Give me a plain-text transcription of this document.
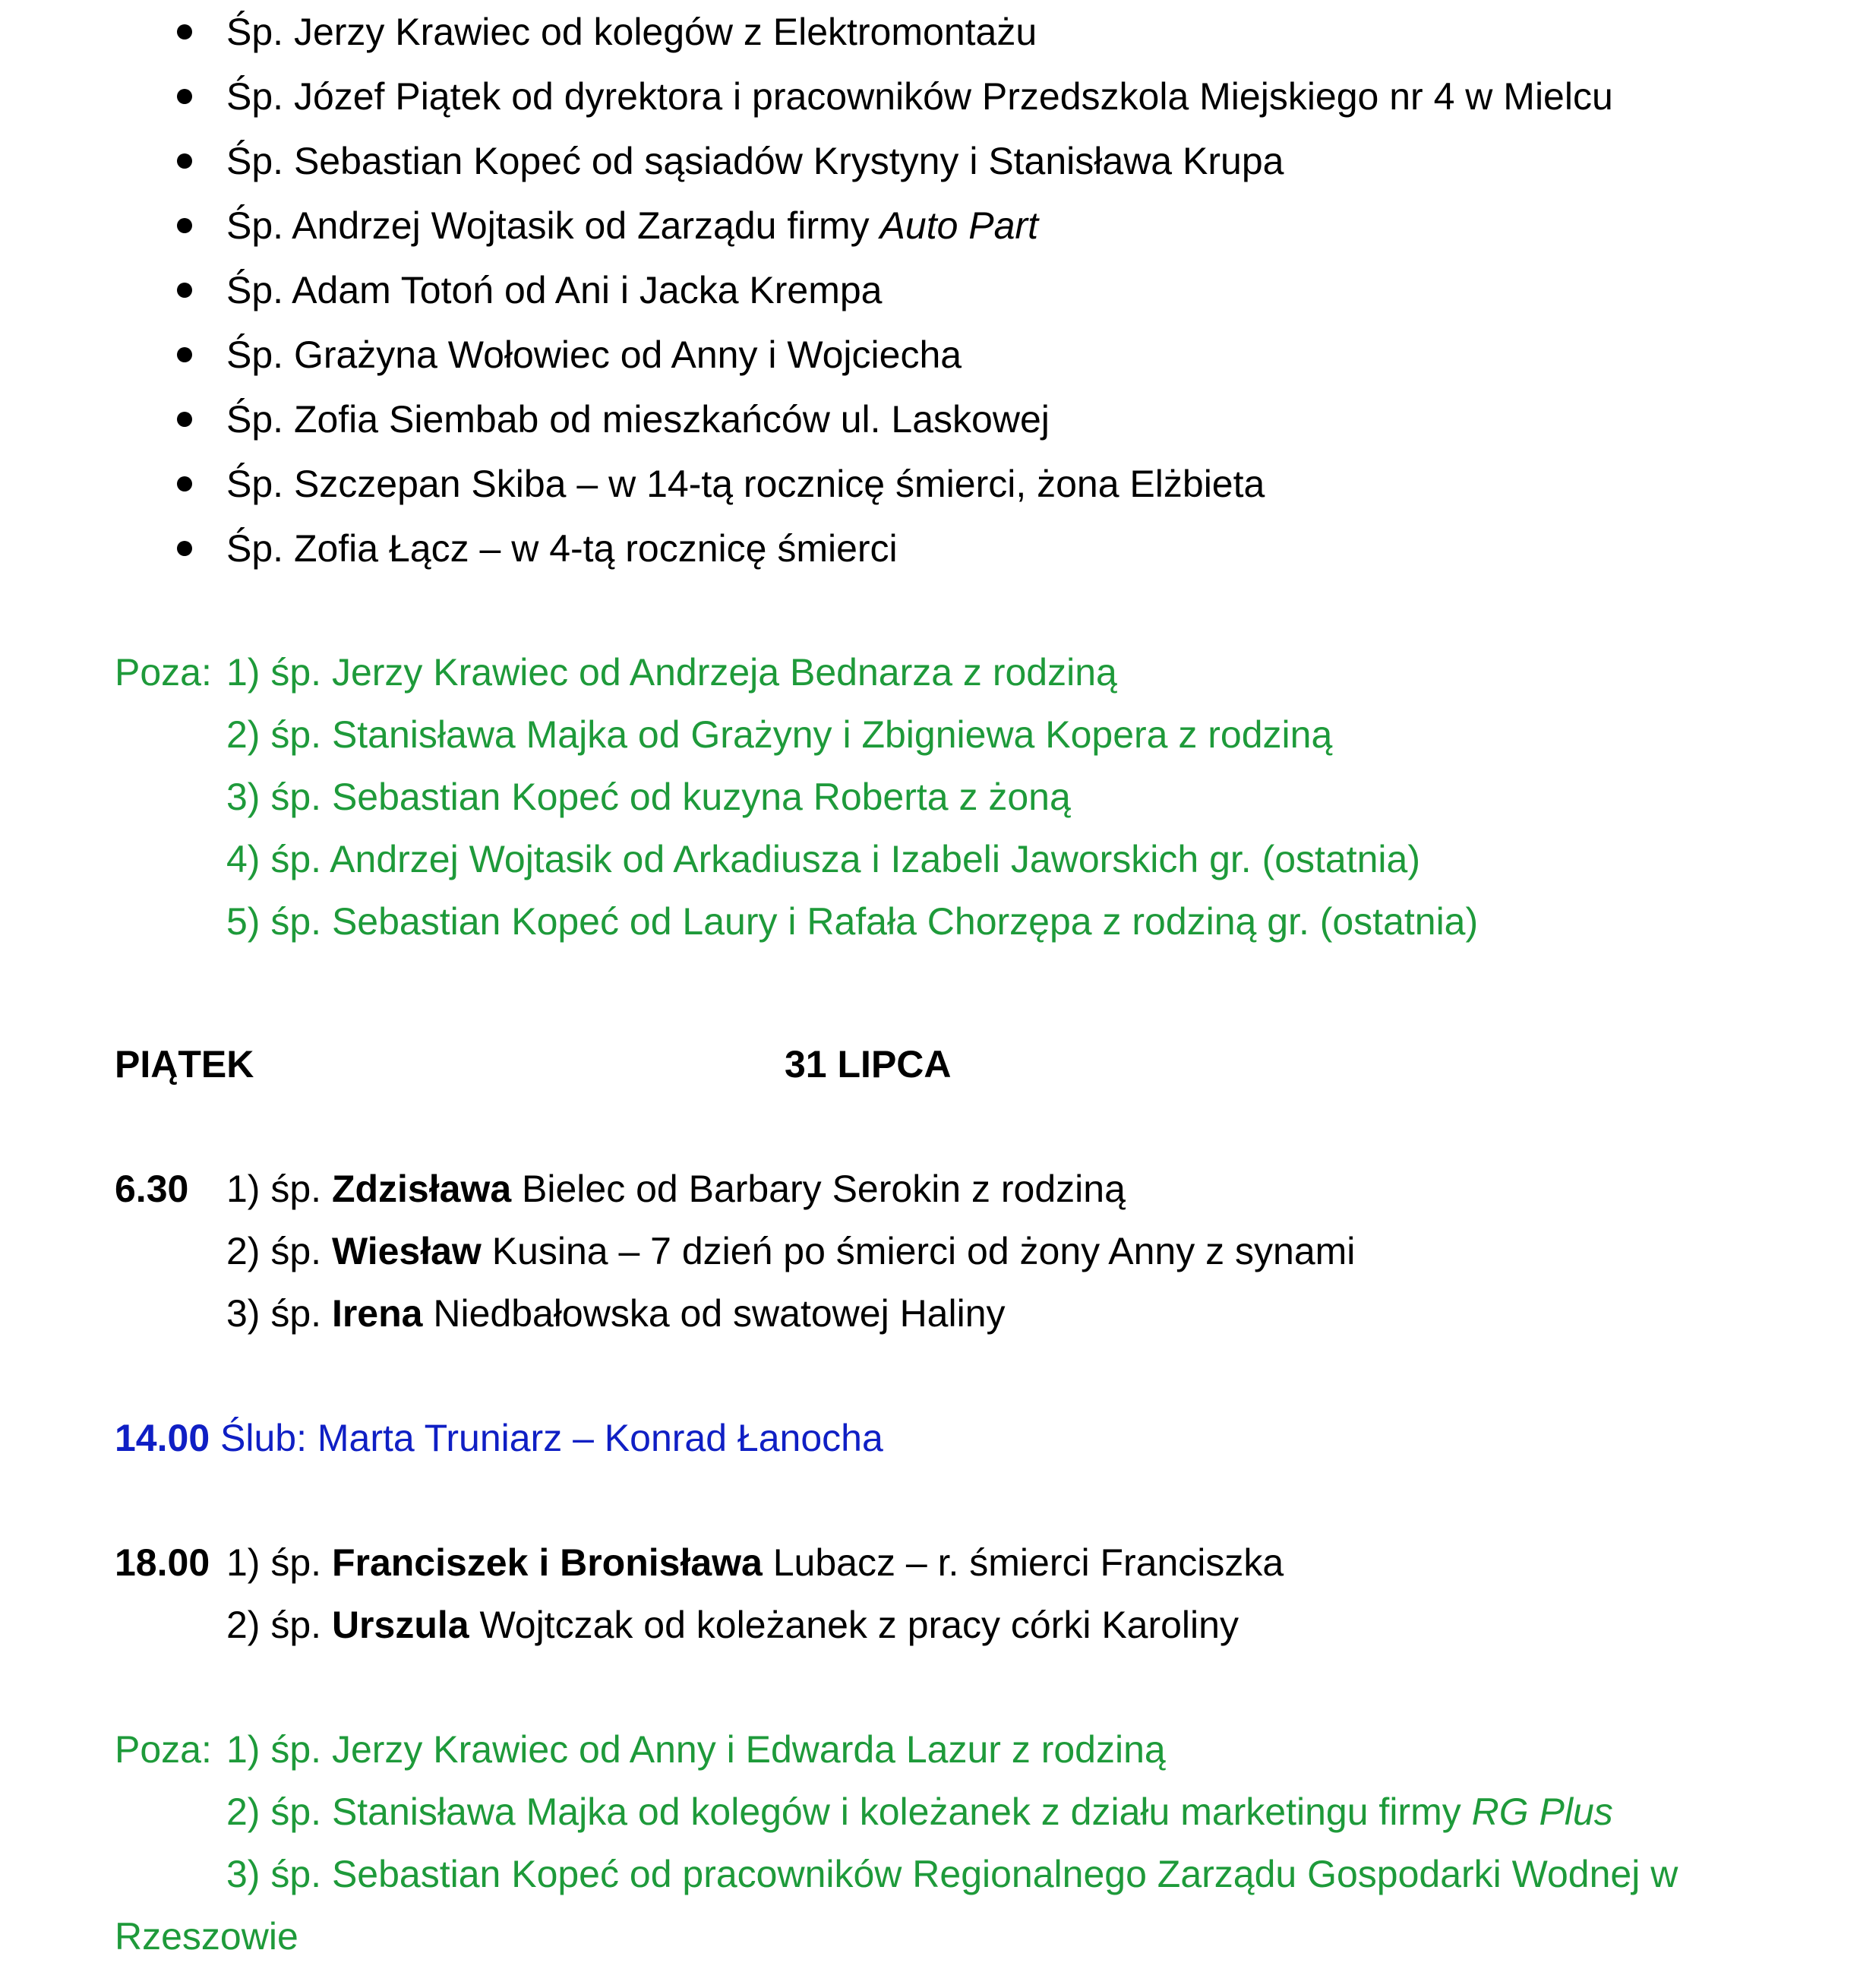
Śp. Jerzy Krawiec od kolegów z Elektromontażu
Śp. Józef Piątek od dyrektora i pracowników Przedszkola Miejskiego nr 4 w Mielcu
Śp. Sebastian Kopeć od sąsiadów Krystyny i Stanisława Krupa
Śp. Andrzej Wojtasik od Zarządu firmy Auto Part
Śp. Adam Totoń od Ani i Jacka Krempa
Śp. Grażyna Wołowiec od Anny i Wojciecha
Śp. Zofia Siembab od mieszkańców ul. Laskowej
Śp. Szczepan Skiba – w 14-tą rocznicę śmierci, żona Elżbieta
Śp. Zofia Łącz – w 4-tą rocznicę śmierci
Poza: 1) śp. Jerzy Krawiec od Andrzeja Bednarza z rodziną
2) śp. Stanisława Majka od Grażyny i Zbigniewa Kopera z rodziną
3) śp. Sebastian Kopeć od kuzyna Roberta z żoną
4) śp. Andrzej Wojtasik od Arkadiusza i Izabeli Jaworskich gr. (ostatnia)
5) śp. Sebastian Kopeć od Laury i Rafała Chorzępa z rodziną gr. (ostatnia)
PIĄTEK	31 LIPCA
6.30 1) śp. Zdzisława Bielec od Barbary Serokin z rodziną
2) śp. Wiesław Kusina – 7 dzień po śmierci od żony Anny z synami
3) śp. Irena Niedbałowska od swatowej Haliny
14.00 Ślub: Marta Truniarz – Konrad Łanocha
18.00 1) śp. Franciszek i Bronisława Lubacz – r. śmierci Franciszka
2) śp. Urszula Wojtczak od koleżanek z pracy córki Karoliny
Poza: 1) śp. Jerzy Krawiec od Anny i Edwarda Lazur z rodziną
2) śp. Stanisława Majka od kolegów i koleżanek z działu marketingu firmy RG Plus
3) śp. Sebastian Kopeć od pracowników Regionalnego Zarządu Gospodarki Wodnej w
Rzeszowie
